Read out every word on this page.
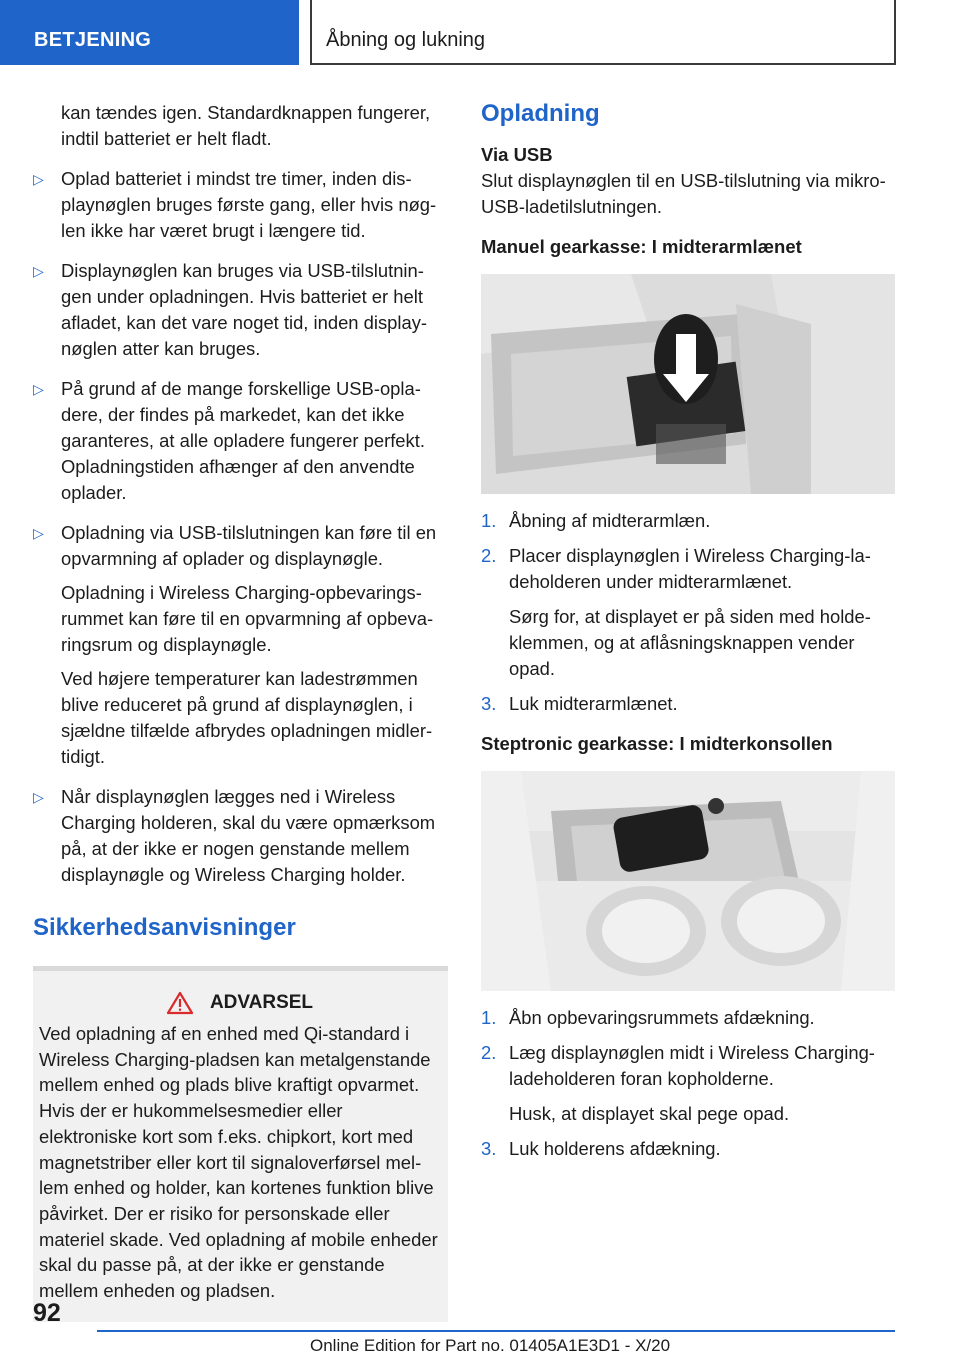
BETJENING	Åbning og lukning

kan tændes igen. Standardknappen fungerer, indtil batteriet er helt fladt.

▷ Oplad batteriet i mindst tre timer, inden displaynøglen bruges første gang, eller hvis nøglen ikke har været brugt i længere tid.
▷ Displaynøglen kan bruges via USB-tilslutningen under opladningen. Hvis batteriet er helt afladet, kan det vare noget tid, inden displaynøglen atter kan bruges.
▷ På grund af de mange forskellige USB-opladere, der findes på markedet, kan det ikke garanteres, at alle opladere fungerer perfekt. Opladningstiden afhænger af den anvendte oplader.
▷ Opladning via USB-tilslutningen kan føre til en opvarmning af oplader og displaynøgle.

Opladning i Wireless Charging-opbevaringsrummet kan føre til en opvarmning af opbevaringsrum og displaynøgle.

Ved højere temperaturer kan ladestrømmen blive reduceret på grund af displaynøglen, i sjældne tilfælde afbrydes opladningen midlertidigt.

▷ Når displaynøglen lægges ned i Wireless Charging holderen, skal du være opmærksom på, at der ikke er nogen genstande mellem displaynøgle og Wireless Charging holder.
Sikkerhedsanvisninger
ADVARSEL

Ved opladning af en enhed med Qi-standard i Wireless Charging-pladsen kan metalgenstande mellem enhed og plads blive kraftigt opvarmet. Hvis der er hukommelsesmedier eller elektroniske kort som f.eks. chipkort, kort med magnetstriber eller kort til signaloverførsel mellem enhed og holder, kan kortenes funktion blive påvirket. Der er risiko for personskade eller materiel skade. Ved opladning af mobile enheder skal du passe på, at der ikke er genstande mellem enheden og pladsen.

Opladning
Via USB

Slut displaynøglen til en USB-tilslutning via mikro-USB-ladetilslutningen.

Manuel gearkasse: I midterarmlænet
1. Åbning af midterarmlæn.
2. Placer displaynøglen i Wireless Charging-ladeholderen under midterarmlænet.
Sørg for, at displayet er på siden med holdeklemmen, og at aflåsningsknappen vender opad.
3. Luk midterarmlænet.
Steptronic gearkasse: I midterkonsollen
1. Åbn opbevaringsrummets afdækning.
2. Læg displaynøglen midt i Wireless Charging-ladeholderen foran kopholderne.
Husk, at displayet skal pege opad.
3. Luk holderens afdækning.
92
Online Edition for Part no. 01405A1E3D1 - X/20
